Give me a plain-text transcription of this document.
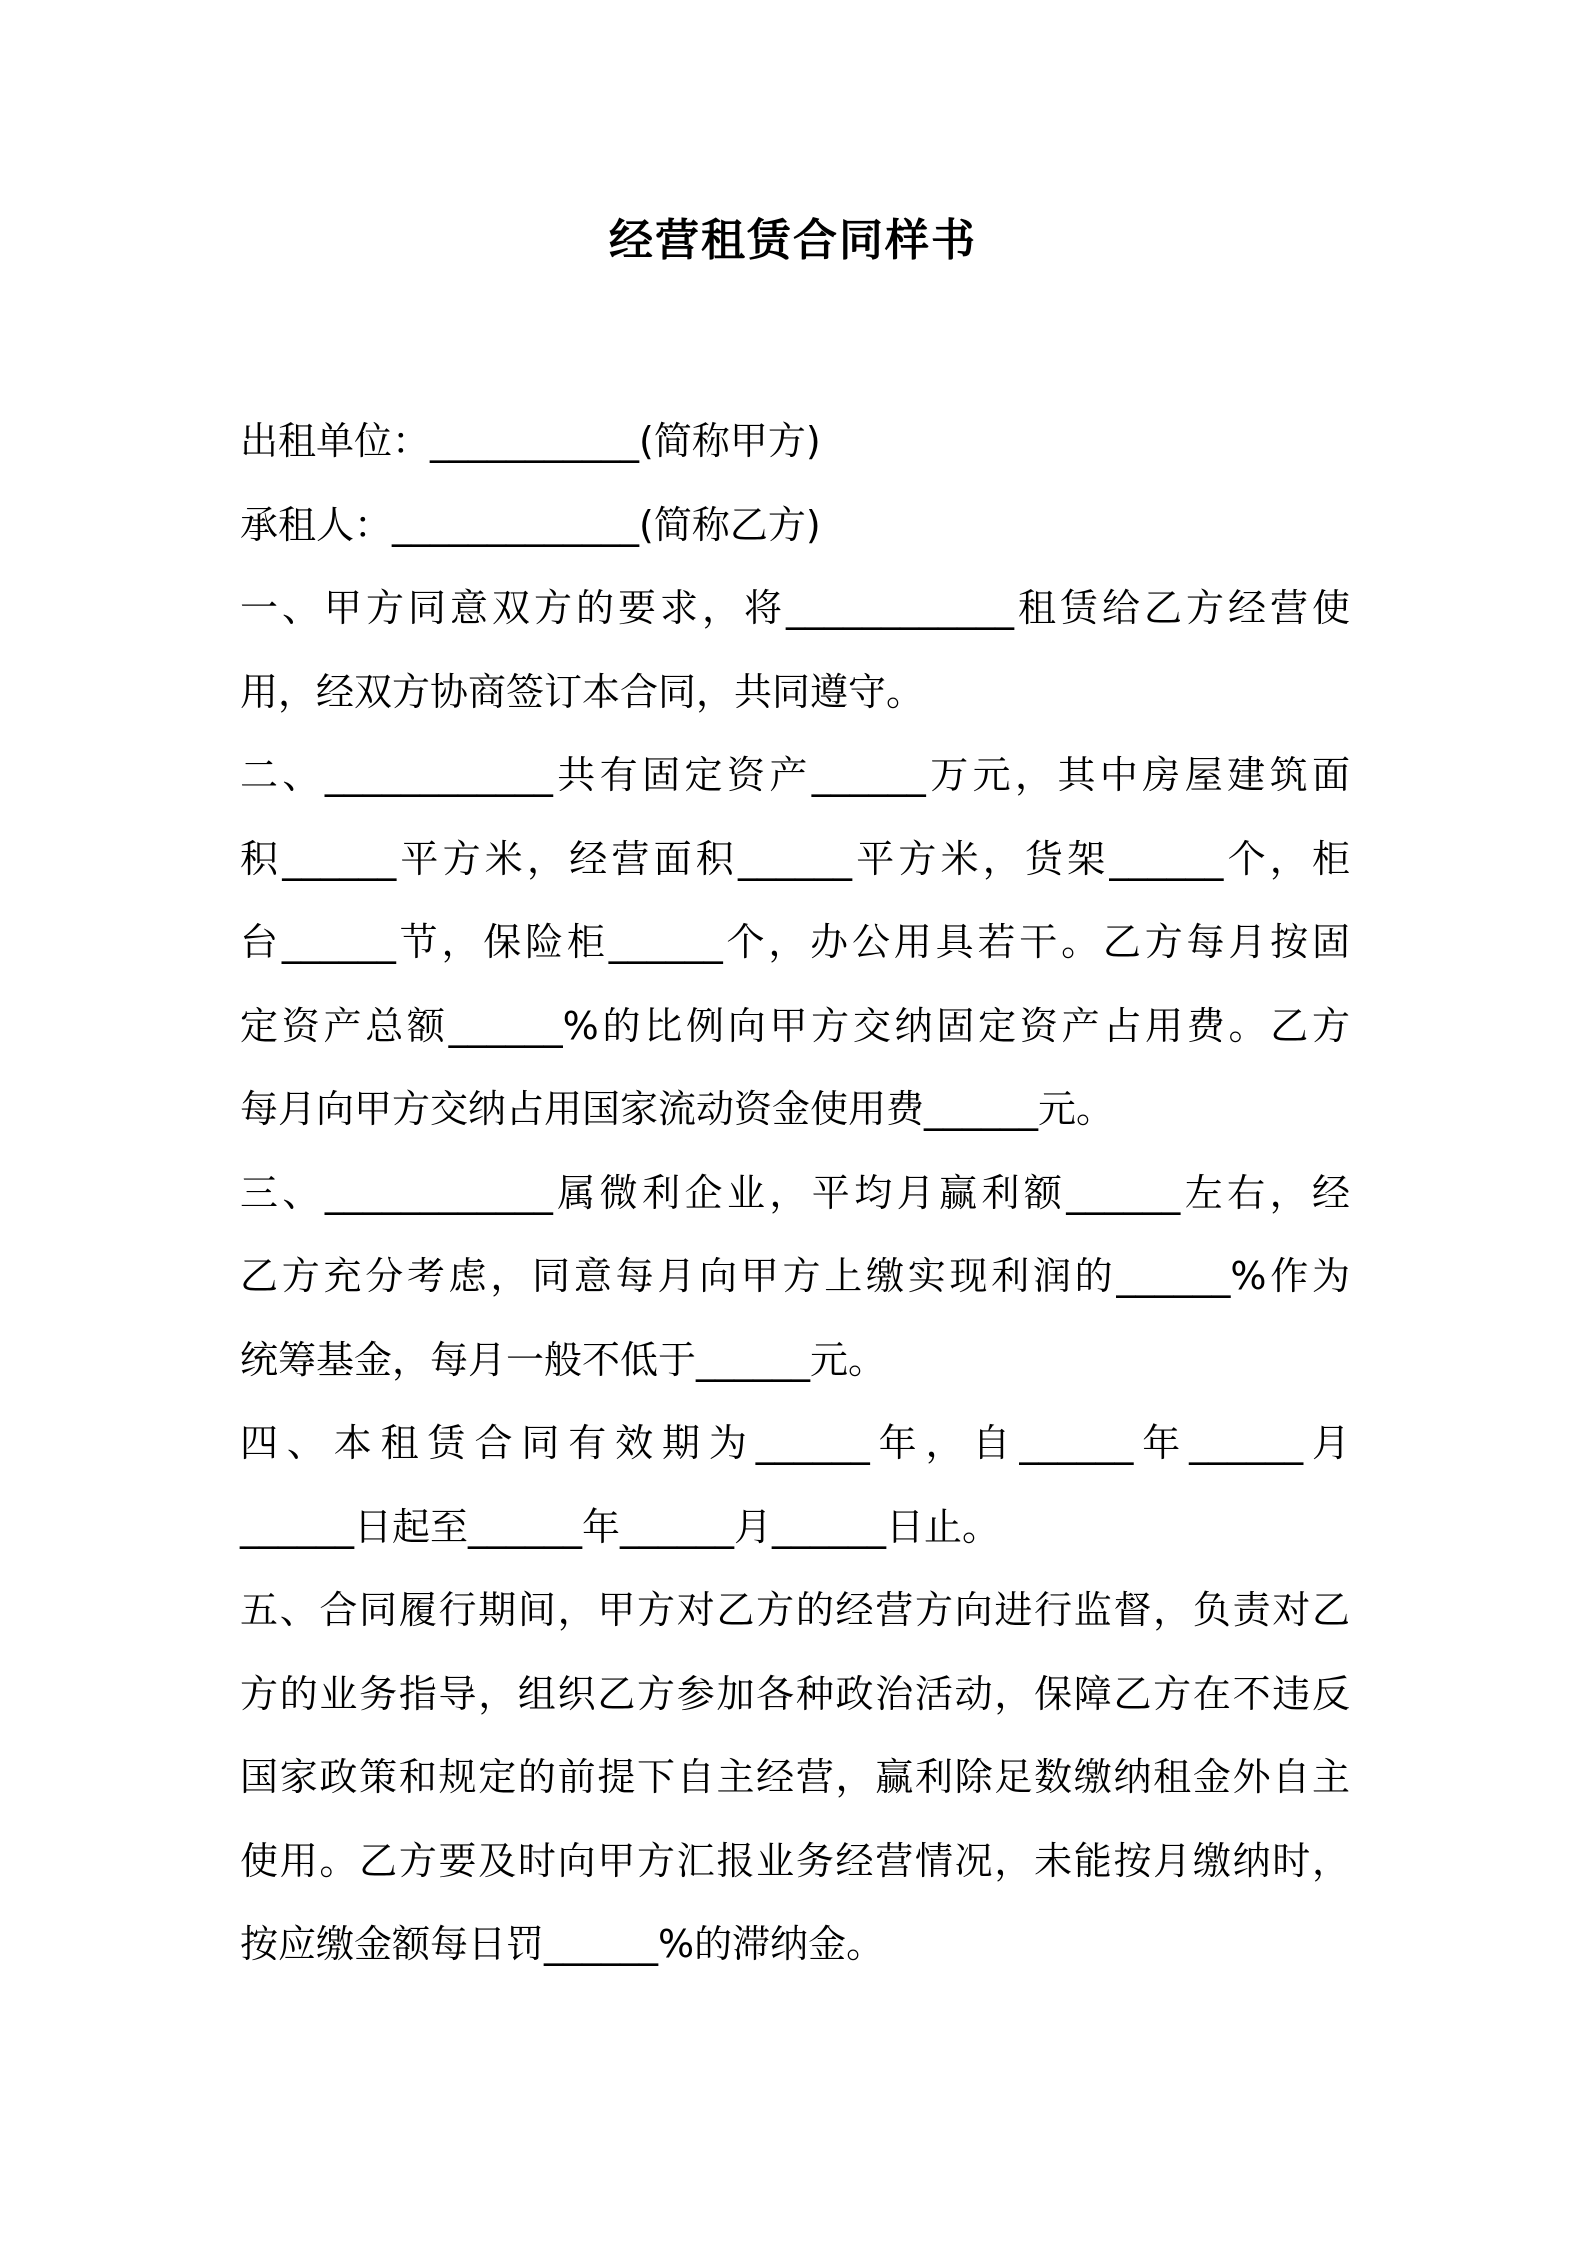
经营租赁合同样书
出租单位：___________(简称甲方)
承租人：_____________(简称乙方)
一、甲方同意双方的要求，将____________租赁给乙方经营使
用，经双方协商签订本合同，共同遵守。
二、____________共有固定资产______万元，其中房屋建筑面
积______平方米，经营面积______平方米，货架______个，柜
台______节，保险柜______个，办公用具若干。乙方每月按固
定资产总额______%的比例向甲方交纳固定资产占用费。乙方
每月向甲方交纳占用国家流动资金使用费______元。
三、____________属微利企业，平均月赢利额______左右，经
乙方充分考虑，同意每月向甲方上缴实现利润的______%作为
统筹基金，每月一般不低于______元。
四、本租赁合同有效期为______年，自______年______月
______日起至______年______月______日止。
五、合同履行期间，甲方对乙方的经营方向进行监督，负责对乙
方的业务指导，组织乙方参加各种政治活动，保障乙方在不违反
国家政策和规定的前提下自主经营，赢利除足数缴纳租金外自主
使用。乙方要及时向甲方汇报业务经营情况，未能按月缴纳时，
按应缴金额每日罚______%的滞纳金。
